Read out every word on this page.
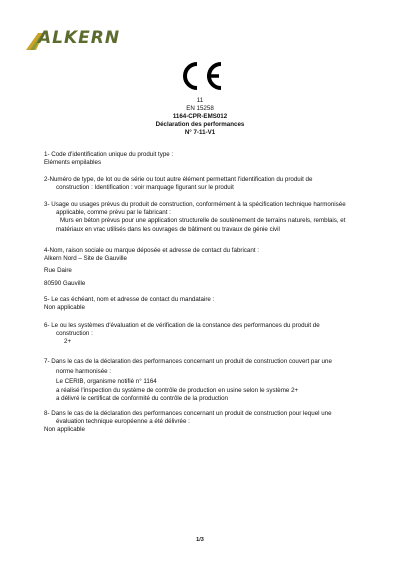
ALKERN
11
EN 15258
1164-CPR-EMS012
Déclaration des performances
N° 7-11-V1

1- Code d'identification unique du produit type :

Eléments empilables

2-Numéro de type, de lot ou de série ou tout autre élément permettant l'identification du produit de

construction : Identification : voir marquage figurant sur le produit

3- Usage ou usages prévus du produit de construction, conformément à la spécification technique harmonisée

applicable, comme prévu par le fabricant :

Murs en béton prévus pour une application structurelle de soutènement de terrains naturels, remblais, et

matériaux en vrac utilisés dans les ouvrages de bâtiment ou travaux de génie civil

4-Nom, raison sociale ou marque déposée et adresse de contact du fabricant :

Alkern Nord – Site de Gauville

Rue Daire

80590 Gauville

5- Le cas échéant, nom et adresse de contact du mandataire :

Non applicable

6- Le ou les systèmes d'évaluation et de vérification de la constance des performances du produit de

construction :

2+

7- Dans le cas de la déclaration des performances concernant un produit de construction couvert par une

norme harmonisée :

Le CERIB, organisme notifié n° 1164

a réalisé l'inspection du système de contrôle de production en usine selon le système 2+

a délivré le certificat de conformité du contrôle de la production

8- Dans le cas de la déclaration des performances concernant un produit de construction pour lequel une

évaluation technique européenne a été délivrée :

Non applicable

1/3
